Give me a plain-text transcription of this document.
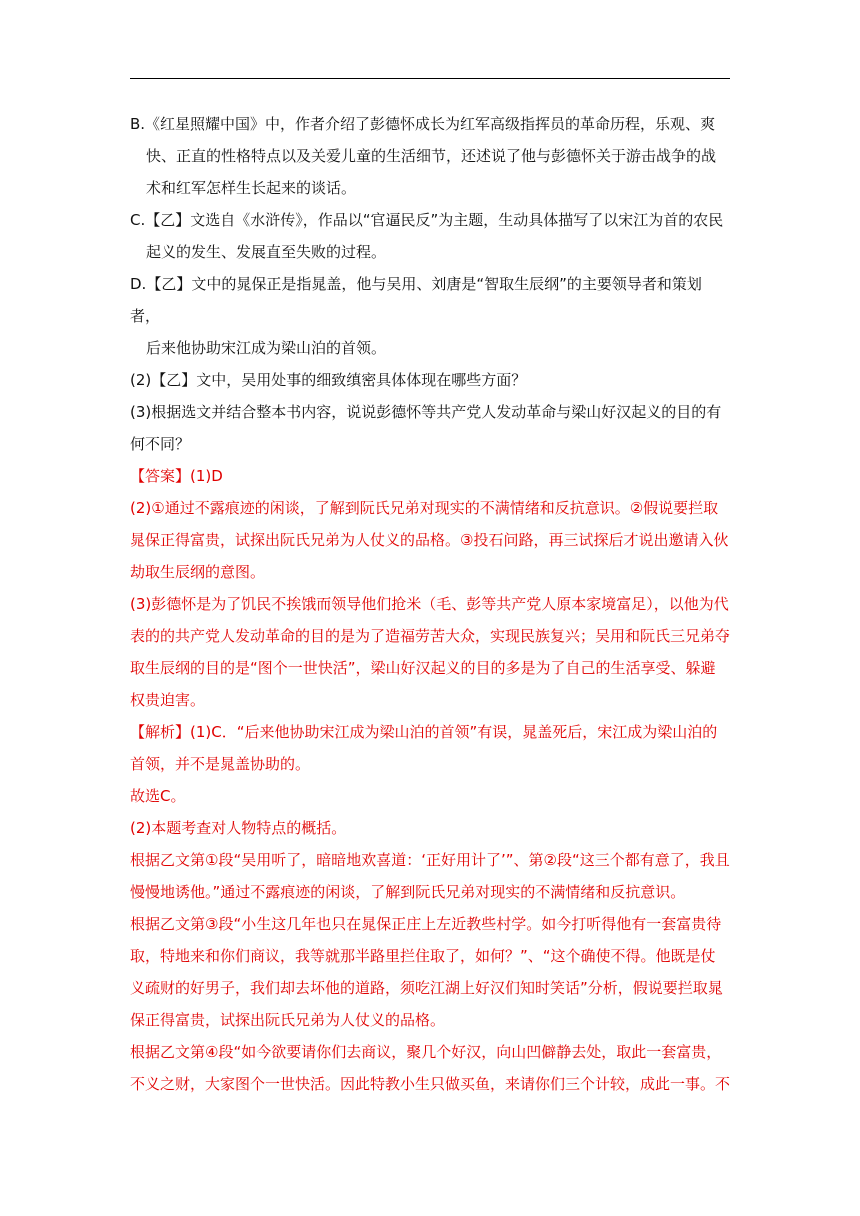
B.《红星照耀中国》中，作者介绍了彭德怀成长为红军高级指挥员的革命历程，乐观、爽

快、正直的性格特点以及关爱儿童的生活细节，还述说了他与彭德怀关于游击战争的战术和红军怎样生长起来的谈话。

C.【乙】文选自《水浒传》，作品以“官逼民反”为主题，生动具体描写了以宋江为首的农民

起义的发生、发展直至失败的过程。

D.【乙】文中的晁保正是指晁盖，他与吴用、刘唐是“智取生辰纲”的主要领导者和策划者，

后来他协助宋江成为梁山泊的首领。

(2)【乙】文中，吴用处事的细致缜密具体体现在哪些方面？

(3)根据选文并结合整本书内容，说说彭德怀等共产党人发动革命与梁山好汉起义的目的有何不同？

【答案】(1)D

(2)①通过不露痕迹的闲谈，了解到阮氏兄弟对现实的不满情绪和反抗意识。②假说要拦取晁保正得富贵，试探出阮氏兄弟为人仗义的品格。③投石问路，再三试探后才说出邀请入伙劫取生辰纲的意图。

(3)彭德怀是为了饥民不挨饿而领导他们抢米（毛、彭等共产党人原本家境富足），以他为代表的的共产党人发动革命的目的是为了造福劳苦大众，实现民族复兴；吴用和阮氏三兄弟夺取生辰纲的目的是“图个一世快活”，梁山好汉起义的目的多是为了自己的生活享受、躲避权贵迫害。

【解析】(1)C．“后来他协助宋江成为梁山泊的首领”有误，晁盖死后，宋江成为梁山泊的首领，并不是晁盖协助的。

故选C。

(2)本题考查对人物特点的概括。

根据乙文第①段“吴用听了，暗暗地欢喜道：‘正好用计了’”、第②段“这三个都有意了，我且慢慢地诱他。”通过不露痕迹的闲谈，了解到阮氏兄弟对现实的不满情绪和反抗意识。

根据乙文第③段“小生这几年也只在晁保正庄上左近教些村学。如今打听得他有一套富贵待取，特地来和你们商议，我等就那半路里拦住取了，如何？”、“这个确使不得。他既是仗义疏财的好男子，我们却去坏他的道路，须吃江湖上好汉们知时笑话”分析，假说要拦取晁保正得富贵，试探出阮氏兄弟为人仗义的品格。

根据乙文第④段“如今欲要请你们去商议，聚几个好汉，向山凹僻静去处，取此一套富贵，不义之财，大家图个一世快活。因此特教小生只做买鱼，来请你们三个计较，成此一事。不
